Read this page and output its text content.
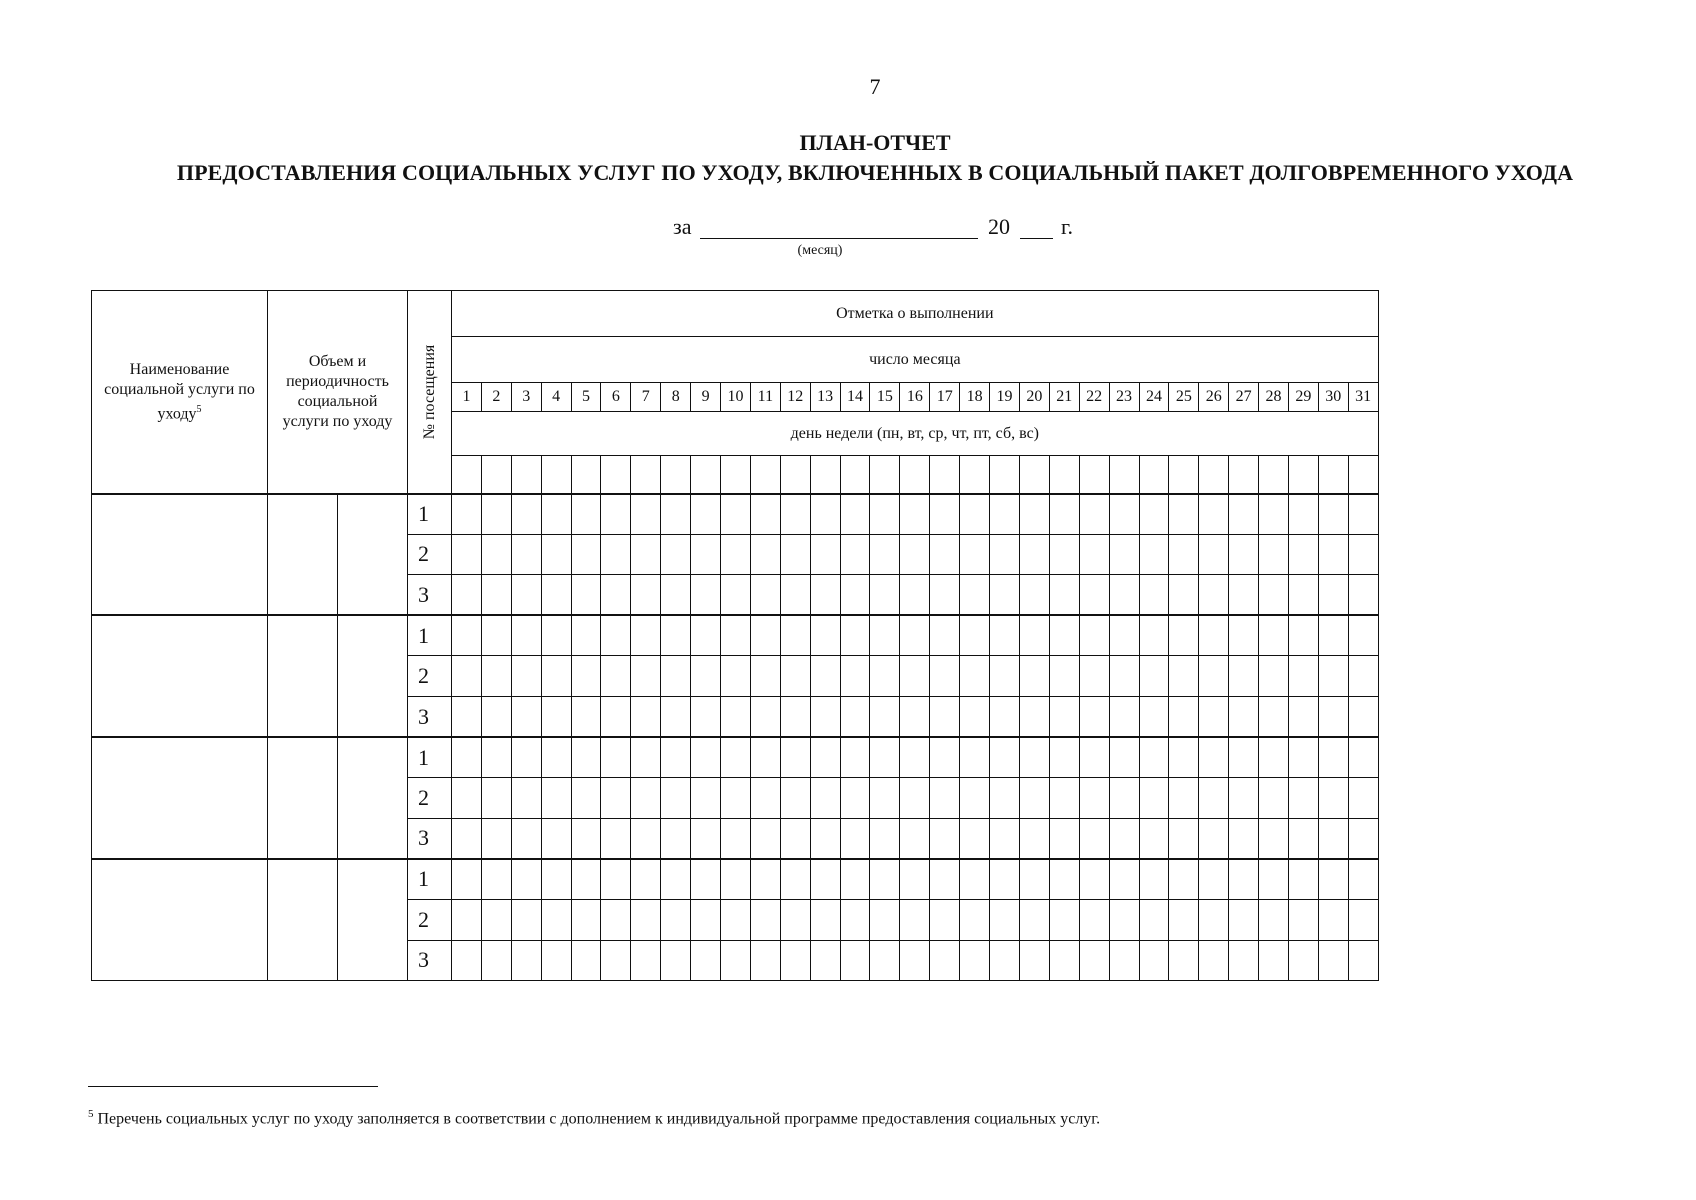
7
ПЛАН-ОТЧЕТ
ПРЕДОСТАВЛЕНИЯ СОЦИАЛЬНЫХ УСЛУГ ПО УХОДУ, ВКЛЮЧЕННЫХ В СОЦИАЛЬНЫЙ ПАКЕТ ДОЛГОВРЕМЕННОГО УХОДА
за
(месяц)
20 г.
Наименование социальной услуги по уходу$^5$	Объем и периодичность социальной услуги по уходу		№ посещения	Отметка о выполнении																														
				число месяца																														
				1	2	3	4	5	6	7	8	9	10	11	12	13	14	15	16	17	18	19	20	21	22	23	24	25	26	27	28	29	30	31
				день недели (пн, вт, ср, чт, пт, сб, вс)																														

			1																															
			2																															
			3																															
			1																															
			2																															
			3																															
			1																															
			2																															
			3																															
			1																															
			2																															
			3																															
$^5$ Перечень социальных услуг по уходу заполняется в соответствии с дополнением к индивидуальной программе предоставления социальных услуг.
